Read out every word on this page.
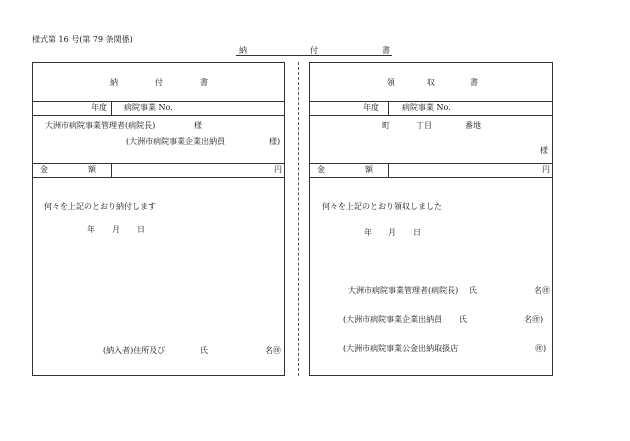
様式第 16 号(第 79 条関係)
納	付	書
納	付	書
年度 病院事業 No.
大洲市病院事業管理者(病院長)	様
(大洲市病院事業企業出納員	様)
金	額	円
何々を上記のとおり納付します
年 月 日
(納入者)住所及び	氏	名㊞
領	収	書
年度	病院事業 No.
町	丁目	番地
様
金	額	円
何々を上記のとおり領収しました
年 月 日
大洲市病院事業管理者(病院長) 氏	名㊞
(大洲市病院事業企業出納員 氏	名㊞)
(大洲市病院事業公金出納取扱店	㊞)
